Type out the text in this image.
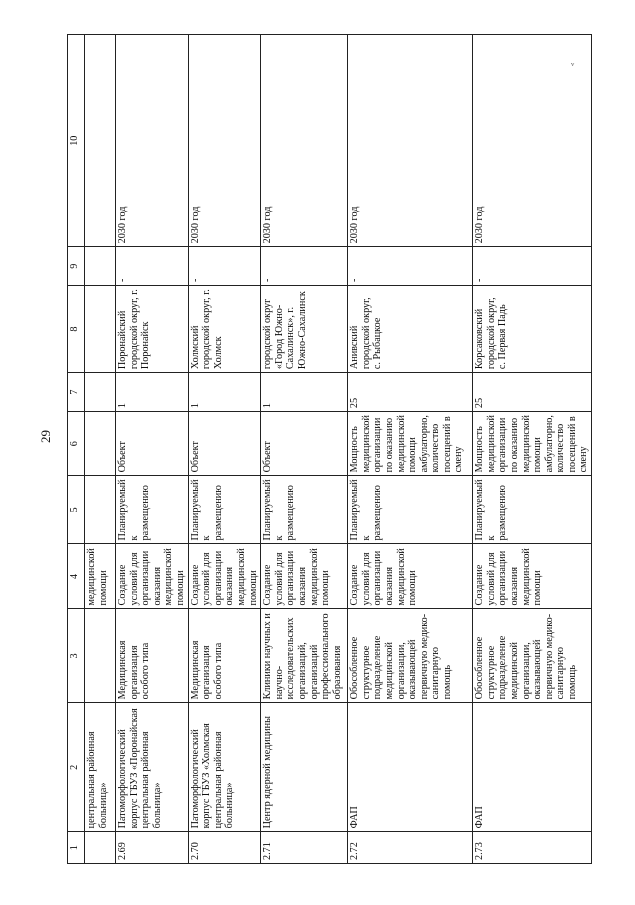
29
ᵥ
1	2	3	4	5	6	7	8	9	10
	центральная районная больница»		медицинской помощи						
2.69	Патоморфологический корпус ГБУЗ «Поронайская центральная районная больница»	Медицинская организация особого типа	Создание условий для организации оказания медицинской помощи	Планируемый к размещению	Объект	1	Поронайский городской округ, г. Поронайск	-	2030 год
2.70	Патоморфологический корпус ГБУЗ «Холмская центральная районная больница»	Медицинская организация особого типа	Создание условий для организации оказания медицинской помощи	Планируемый к размещению	Объект	1	Холмский городской округ, г. Холмск	-	2030 год
2.71	Центр ядерной медицины	Клиники научных и научно-исследовательских организаций, организаций профессионального образования	Создание условий для организации оказания медицинской помощи	Планируемый к размещению	Объект	1	городской округ «Город Южно-Сахалинск», г. Южно-Сахалинск	-	2030 год
2.72	ФАП	Обособленное структурное подразделение медицинской организации, оказывающей первичную медико-санитарную помощь	Создание условий для организации оказания медицинской помощи	Планируемый к размещению	Мощность медицинской организации по оказанию медицинской помощи амбулаторно, количество посещений в смену	25	Анивский городской округ, с. Рыбацкое	-	2030 год
2.73	ФАП	Обособленное структурное подразделение медицинской организации, оказывающей первичную медико-санитарную помощь	Создание условий для организации оказания медицинской помощи	Планируемый к размещению	Мощность медицинской организации по оказанию медицинской помощи амбулаторно, количество посещений в смену	25	Корсаковский городской округ, с. Первая Падь	-	2030 год
